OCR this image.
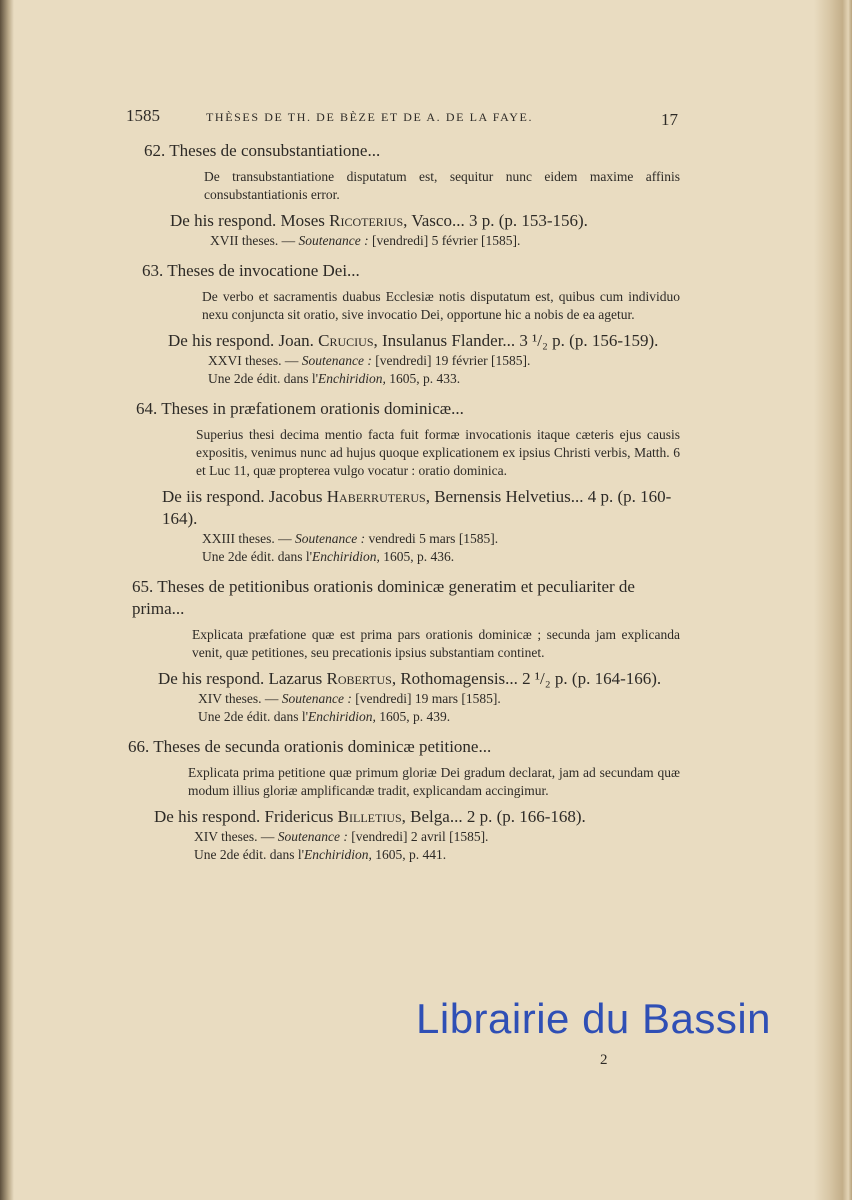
1585	THÈSES DE TH. DE BÈZE ET DE A. DE LA FAYE.	17
62. Theses de consubstantiatione...
De transubstantiatione disputatum est, sequitur nunc eidem maxime affinis consubstantiationis error.
De his respond. Moses Ricoterius, Vasco... 3 p. (p. 153-156).
XVII theses. — Soutenance : [vendredi] 5 février [1585].
63. Theses de invocatione Dei...
De verbo et sacramentis duabus Ecclesiæ notis disputatum est, quibus cum individuo nexu conjuncta sit oratio, sive invocatio Dei, opportune hic a nobis de ea agetur.
De his respond. Joan. Crucius, Insulanus Flander... 3 ¹/₂ p. (p. 156-159).
XXVI theses. — Soutenance : [vendredi] 19 février [1585].
Une 2de édit. dans l'Enchiridion, 1605, p. 433.
64. Theses in præfationem orationis dominicæ...
Superius thesi decima mentio facta fuit formæ invocationis itaque cæteris ejus causis expositis, venimus nunc ad hujus quoque explicationem ex ipsius Christi verbis, Matth. 6 et Luc 11, quæ propterea vulgo vocatur : oratio dominica.
De iis respond. Jacobus Haberruterus, Bernensis Helvetius... 4 p. (p. 160-164).
XXIII theses. — Soutenance : vendredi 5 mars [1585].
Une 2de édit. dans l'Enchiridion, 1605, p. 436.
65. Theses de petitionibus orationis dominicæ generatim et peculiariter de prima...
Explicata præfatione quæ est prima pars orationis dominicæ ; secunda jam explicanda venit, quæ petitiones, seu precationis ipsius substantiam continet.
De his respond. Lazarus Robertus, Rothomagensis... 2 ¹/₂ p. (p. 164-166).
XIV theses. — Soutenance : [vendredi] 19 mars [1585].
Une 2de édit. dans l'Enchiridion, 1605, p. 439.
66. Theses de secunda orationis dominicæ petitione...
Explicata prima petitione quæ primum gloriæ Dei gradum declarat, jam ad secundam quæ modum illius gloriæ amplificandæ tradit, explicandam accingimur.
De his respond. Fridericus Billetius, Belga... 2 p. (p. 166-168).
XIV theses. — Soutenance : [vendredi] 2 avril [1585].
Une 2de édit. dans l'Enchiridion, 1605, p. 441.
2
Librairie du Bassin
